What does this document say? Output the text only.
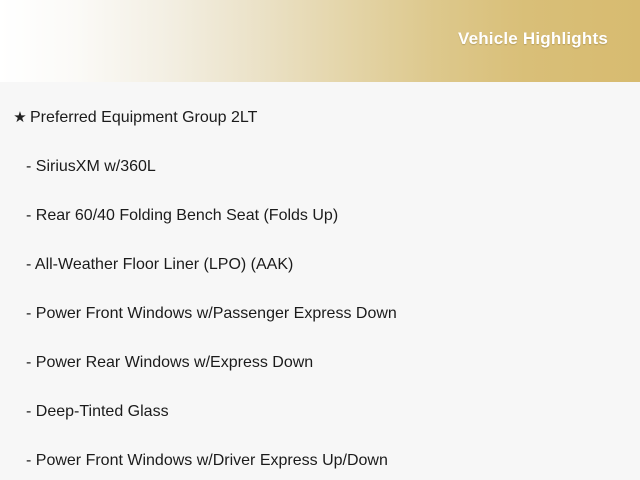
Vehicle Highlights
★ Preferred Equipment Group 2LT
- SiriusXM w/360L
- Rear 60/40 Folding Bench Seat (Folds Up)
- All-Weather Floor Liner (LPO) (AAK)
- Power Front Windows w/Passenger Express Down
- Power Rear Windows w/Express Down
- Deep-Tinted Glass
- Power Front Windows w/Driver Express Up/Down
